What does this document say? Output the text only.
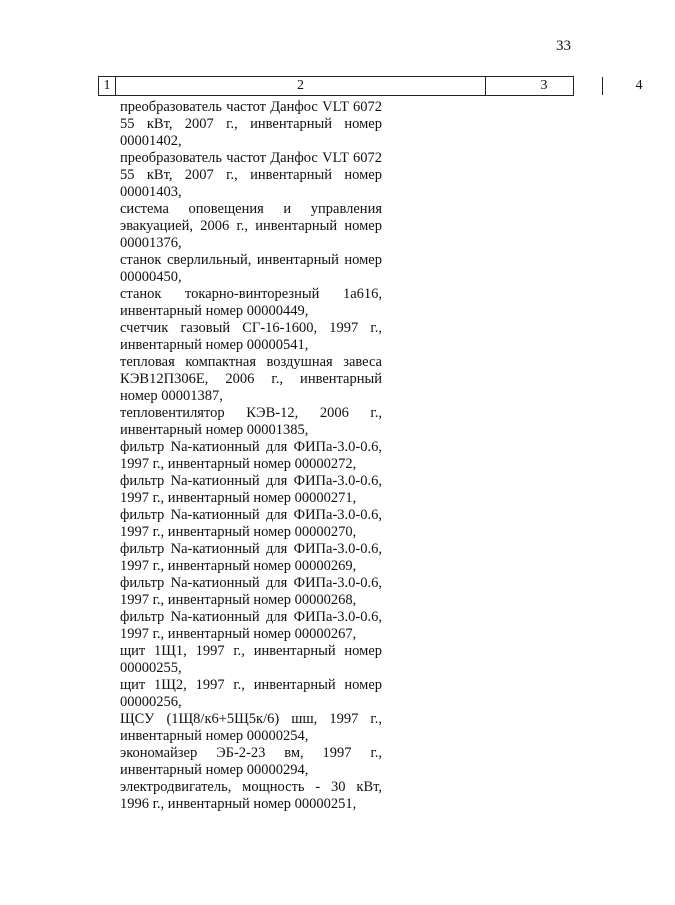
33
1	2	3	4
преобразователь частот Данфос VLT 6072 55 кВт, 2007 г., инвентарный номер 00001402,
преобразователь частот Данфос VLT 6072 55 кВт, 2007 г., инвентарный номер 00001403,
система оповещения и управления эвакуацией, 2006 г., инвентарный номер 00001376,
станок сверлильный, инвентарный номер 00000450,
станок токарно-винторезный 1а616, инвентарный номер 00000449,
счетчик газовый СГ-16-1600, 1997 г., инвентарный номер 00000541,
тепловая компактная воздушная завеса КЭВ12П306Е, 2006 г., инвентарный номер 00001387,
тепловентилятор КЭВ-12, 2006 г., инвентарный номер 00001385,
фильтр Na-катионный для ФИПа-3.0-0.6, 1997 г., инвентарный номер 00000272,
фильтр Na-катионный для ФИПа-3.0-0.6, 1997 г., инвентарный номер 00000271,
фильтр Na-катионный для ФИПа-3.0-0.6, 1997 г., инвентарный номер 00000270,
фильтр Na-катионный для ФИПа-3.0-0.6, 1997 г., инвентарный номер 00000269,
фильтр Na-катионный для ФИПа-3.0-0.6, 1997 г., инвентарный номер 00000268,
фильтр Na-катионный для ФИПа-3.0-0.6, 1997 г., инвентарный номер 00000267,
щит 1Щ1, 1997 г., инвентарный номер 00000255,
щит 1Щ2, 1997 г., инвентарный номер 00000256,
ЩСУ (1Щ8/к6+5Щ5к/6) шш, 1997 г., инвентарный номер 00000254,
экономайзер ЭБ-2-23 вм, 1997 г., инвентарный номер 00000294,
электродвигатель, мощность - 30 кВт, 1996 г., инвентарный номер 00000251,
